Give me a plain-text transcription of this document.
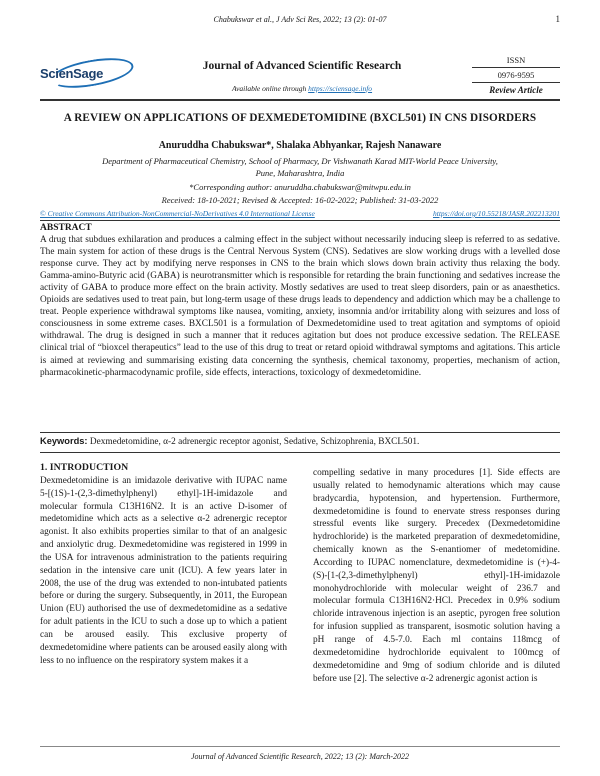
Chabukswar et al., J Adv Sci Res, 2022; 13 (2): 01-07	1
ScienSage	Journal of Advanced Scientific Research
Available online through https://sciensage.info
ISSN
0976-9595
Review Article
A REVIEW ON APPLICATIONS OF DEXMEDETOMIDINE (BXCL501) IN CNS DISORDERS
Anuruddha Chabukswar*, Shalaka Abhyankar, Rajesh Nanaware
Department of Pharmaceutical Chemistry, School of Pharmacy, Dr Vishwanath Karad MIT-World Peace University,
Pune, Maharashtra, India
*Corresponding author: anuruddha.chabukswar@mitwpu.edu.in
Received: 18-10-2021; Revised & Accepted: 16-02-2022; Published: 31-03-2022
© Creative Commons Attribution-NonCommercial-NoDerivatives 4.0 International License	https://doi.org/10.55218/JASR.202213201
ABSTRACT

A drug that subdues exhilaration and produces a calming effect in the subject without necessarily inducing sleep is referred to as sedative. The main system for action of these drugs is the Central Nervous System (CNS). Sedatives are slow working drugs with a levelled dose response curve. They act by modifying nerve responses in CNS to the brain which slows down brain activity thus relaxing the body. Gamma-amino-Butyric acid (GABA) is neurotransmitter which is responsible for retarding the brain functioning and sedatives increase the activity of GABA to produce more effect on the brain activity. Mostly sedatives are used to treat sleep disorders, pain or as anaesthetics. Opioids are sedatives used to treat pain, but long-term usage of these drugs leads to dependency and addiction which may be a challenge to treat. People experience withdrawal symptoms like nausea, vomiting, anxiety, insomnia and/or irritability along with seizures and loss of consciousness in some extreme cases. BXCL501 is a formulation of Dexmedetomidine used to treat agitation and symptoms of opioid withdrawal. The drug is designed in such a manner that it reduces agitation but does not produce excessive sedation. The RELEASE clinical trial of “bioxcel therapeutics” lead to the use of this drug to treat or retard opioid withdrawal symptoms and agitations. This article is aimed at reviewing and summarising existing data concerning the synthesis, chemical taxonomy, properties, mechanism of action, pharmacokinetic-pharmacodynamic profile, side effects, interactions, toxicology of dexmedetomidine.

Keywords: Dexmedetomidine, α-2 adrenergic receptor agonist, Sedative, Schizophrenia, BXCL501.
1. INTRODUCTION

Dexmedetomidine is an imidazole derivative with IUPAC name 5-[(1S)-1-(2,3-dimethylphenyl) ethyl]-1H-imidazole and molecular formula C13H16N2. It is an active D-isomer of medetomidine which acts as a selective α-2 adrenergic receptor agonist. It also exhibits properties similar to that of an analgesic and anxiolytic drug. Dexmedetomidine was registered in 1999 in the USA for intravenous administration to the patients requiring sedation in the intensive care unit (ICU). A few years later in 2008, the use of the drug was extended to non-intubated patients before or during the surgery. Subsequently, in 2011, the European Union (EU) authorised the use of dexmedetomidine as a sedative for adult patients in the ICU to such a dose up to which a patient can be aroused easily. This exclusive property of dexmedetomidine where patients can be aroused easily along with less to no influence on the respiratory system makes it a

compelling sedative in many procedures [1]. Side effects are usually related to hemodynamic alterations which may cause bradycardia, hypotension, and hypertension. Furthermore, dexmedetomidine is found to enervate stress responses during stressful events like surgery. Precedex (Dexmedetomidine hydrochloride) is the marketed preparation of dexmedetomidine, chemically known as the S-enantiomer of medetomidine. According to IUPAC nomenclature, dexmedetomidine is (+)-4-(S)-[1-(2,3-dimethylphenyl) ethyl]-1H-imidazole monohydrochloride with molecular weight of 236.7 and molecular formula C13H16N2·HCl. Precedex in 0.9% sodium chloride intravenous injection is an aseptic, pyrogen free solution for infusion supplied as transparent, isosmotic solution having a pH range of 4.5-7.0. Each ml contains 118mcg of dexmedetomidine hydrochloride equivalent to 100mcg of dexmedetomidine and 9mg of sodium chloride and is diluted before use [2]. The selective α-2 adrenergic agonist action is

Journal of Advanced Scientific Research, 2022; 13 (2): March-2022
